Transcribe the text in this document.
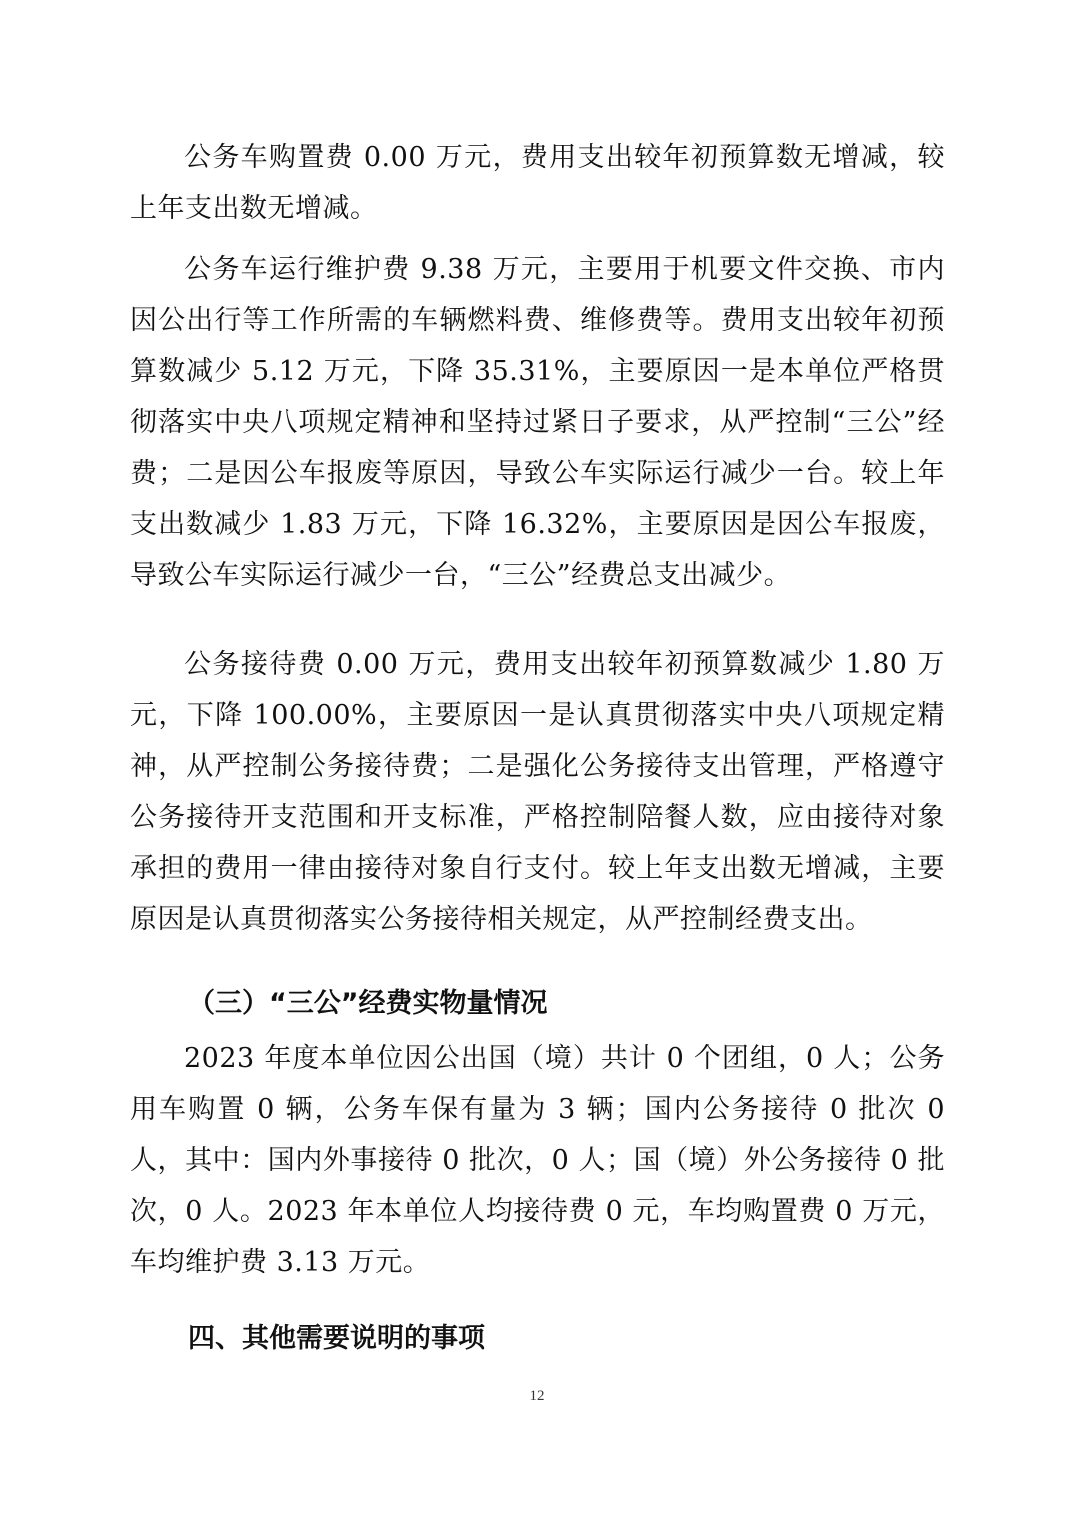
公务车购置费 0.00 万元，费用支出较年初预算数无增减，较上年支出数无增减。

公务车运行维护费 9.38 万元，主要用于机要文件交换、市内因公出行等工作所需的车辆燃料费、维修费等。费用支出较年初预算数减少 5.12 万元，下降 35.31%，主要原因一是本单位严格贯彻落实中央八项规定精神和坚持过紧日子要求，从严控制“三公”经费；二是因公车报废等原因，导致公车实际运行减少一台。较上年支出数减少 1.83 万元，下降 16.32%，主要原因是因公车报废，导致公车实际运行减少一台，“三公”经费总支出减少。

公务接待费 0.00 万元，费用支出较年初预算数减少 1.80 万元，下降 100.00%，主要原因一是认真贯彻落实中央八项规定精神，从严控制公务接待费；二是强化公务接待支出管理，严格遵守公务接待开支范围和开支标准，严格控制陪餐人数，应由接待对象承担的费用一律由接待对象自行支付。较上年支出数无增减，主要原因是认真贯彻落实公务接待相关规定，从严控制经费支出。

（三）“三公”经费实物量情况

2023 年度本单位因公出国（境）共计 0 个团组，0 人；公务用车购置 0 辆，公务车保有量为 3 辆；国内公务接待 0 批次 0 人，其中：国内外事接待 0 批次，0 人；国（境）外公务接待 0 批次，0 人。2023 年本单位人均接待费 0 元，车均购置费 0 万元，车均维护费 3.13 万元。

四、其他需要说明的事项
12
